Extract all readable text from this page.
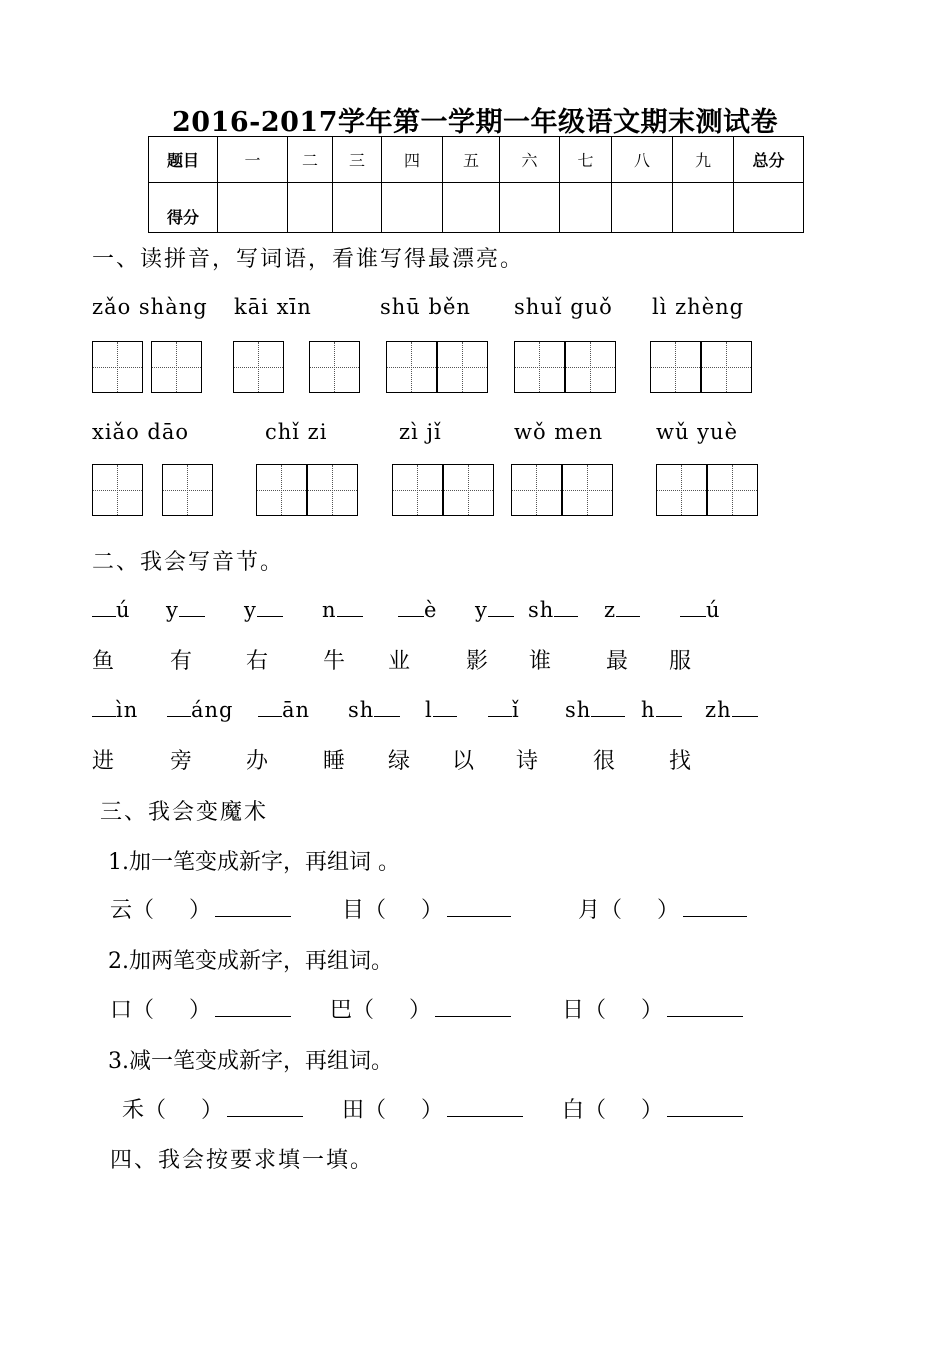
2016-2017学年第一学期一年级语文期末测试卷
题目	一	二	三	四	五	六	七	八	九	总分
得分										
一、读拼音，写词语，看谁写得最漂亮。
zǎo shàng kāi xīn	shū běn shuǐ guǒ lì zhèng
xiǎo dāo	chǐ zi	zì jǐ	wǒ men	wǔ yuè
二、我会写音节。
ú y	y	n	è y	sh	z	ú
鱼	有 右 牛 业	影 谁 最 服
ìn	áng	ān sh	l	ǐ sh	h	zh
进	旁 办 睡 绿 以 诗 很 找
三、我会变魔术
1.加一笔变成新字，再组词 。
云（     ）	目（     ）	月（     ）
2.加两笔变成新字，再组词。
口（     ）	巴（     ）	日（     ）
3.减一笔变成新字，再组词。
禾（     ）	田（     ）	白（     ）
四、我会按要求填一填。
